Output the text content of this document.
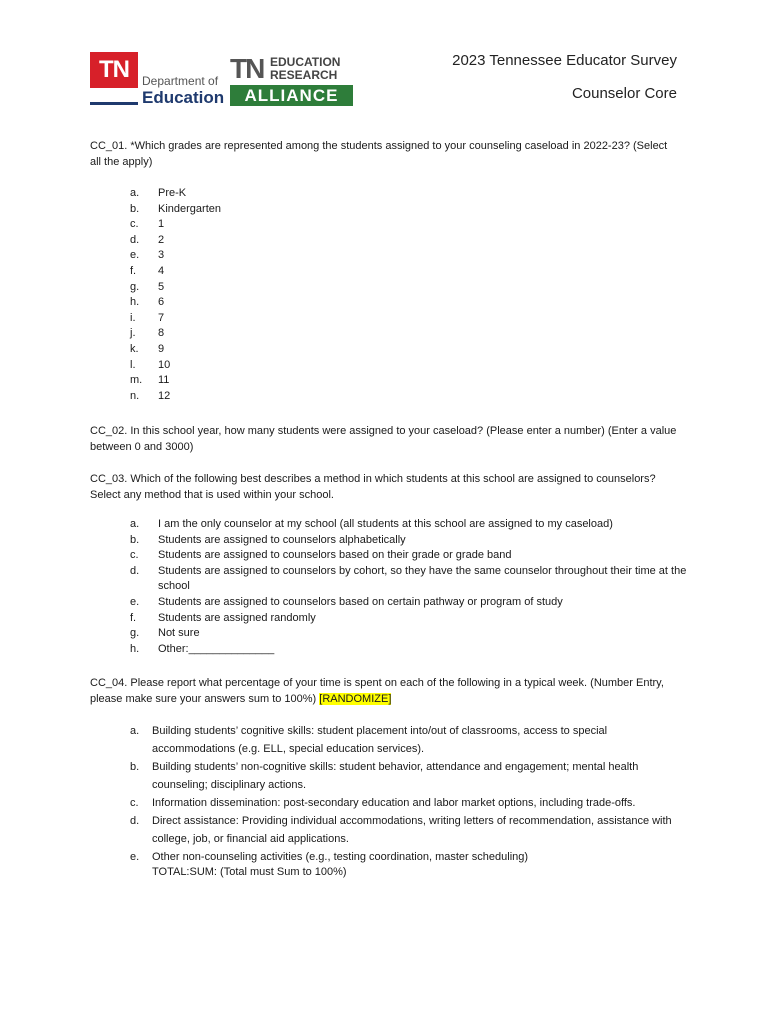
TN	Department of
Education
TN EDUCATION
RESEARCH
ALLIANCE
2023 Tennessee Educator Survey
Counselor Core
CC_01. *Which grades are represented among the students assigned to your counseling caseload in 2022-23? (Select all the apply)
a.	Pre-K
b.	Kindergarten
c.	1
d.	2
e.	3
f.	4
g.	5
h.	6
i.	7
j.	8
k.	9
l.	10
m.	11
n.	12
CC_02. In this school year, how many students were assigned to your caseload? (Please enter a number) (Enter a value between 0 and 3000)
CC_03. Which of the following best describes a method in which students at this school are assigned to counselors? Select any method that is used within your school.
a.	I am the only counselor at my school (all students at this school are assigned to my caseload)
b.	Students are assigned to counselors alphabetically
c.	Students are assigned to counselors based on their grade or grade band
d.	Students are assigned to counselors by cohort, so they have the same counselor throughout their time at the school
e.	Students are assigned to counselors based on certain pathway or program of study
f.	Students are assigned randomly
g.	Not sure
h.	Other:______________
CC_04. Please report what percentage of your time is spent on each of the following in a typical week. (Number Entry, please make sure your answers sum to 100%) [RANDOMIZE]
a.	Building students’ cognitive skills: student placement into/out of classrooms, access to special accommodations (e.g. ELL, special education services).
b.	Building students’ non-cognitive skills: student behavior, attendance and engagement; mental health counseling; disciplinary actions.
c.	Information dissemination: post-secondary education and labor market options, including trade-offs.
d.	Direct assistance: Providing individual accommodations, writing letters of recommendation, assistance with college, job, or financial aid applications.
e.	Other non-counseling activities (e.g., testing coordination, master scheduling)
TOTAL:SUM: (Total must Sum to 100%)
